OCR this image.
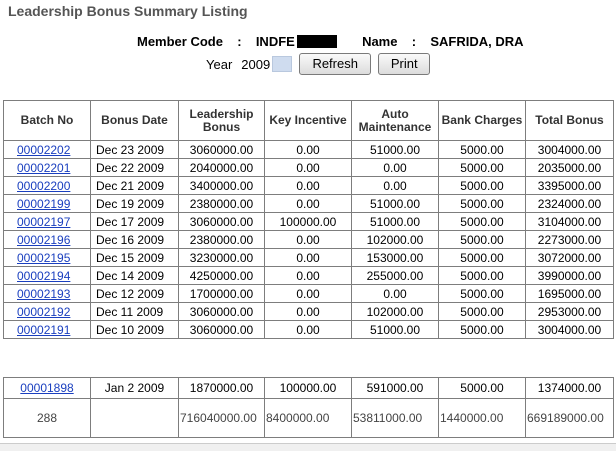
Leadership Bonus Summary Listing
Member Code : INDFE	Name : SAFRIDA, DRA
Year 2009	Refresh	Print
Batch No	Bonus Date	Leadership Bonus	Key Incentive	Auto Maintenance	Bank Charges	Total Bonus
00002202	Dec 23 2009	3060000.00	0.00	51000.00	5000.00	3004000.00
00002201	Dec 22 2009	2040000.00	0.00	0.00	5000.00	2035000.00
00002200	Dec 21 2009	3400000.00	0.00	0.00	5000.00	3395000.00
00002199	Dec 19 2009	2380000.00	0.00	51000.00	5000.00	2324000.00
00002197	Dec 17 2009	3060000.00	100000.00	51000.00	5000.00	3104000.00
00002196	Dec 16 2009	2380000.00	0.00	102000.00	5000.00	2273000.00
00002195	Dec 15 2009	3230000.00	0.00	153000.00	5000.00	3072000.00
00002194	Dec 14 2009	4250000.00	0.00	255000.00	5000.00	3990000.00
00002193	Dec 12 2009	1700000.00	0.00	0.00	5000.00	1695000.00
00002192	Dec 11 2009	3060000.00	0.00	102000.00	5000.00	2953000.00
00002191	Dec 10 2009	3060000.00	0.00	51000.00	5000.00	3004000.00
00001898	Jan 2 2009	1870000.00	100000.00	591000.00	5000.00	1374000.00
288		716040000.00	8400000.00	53811000.00	1440000.00	669189000.00
